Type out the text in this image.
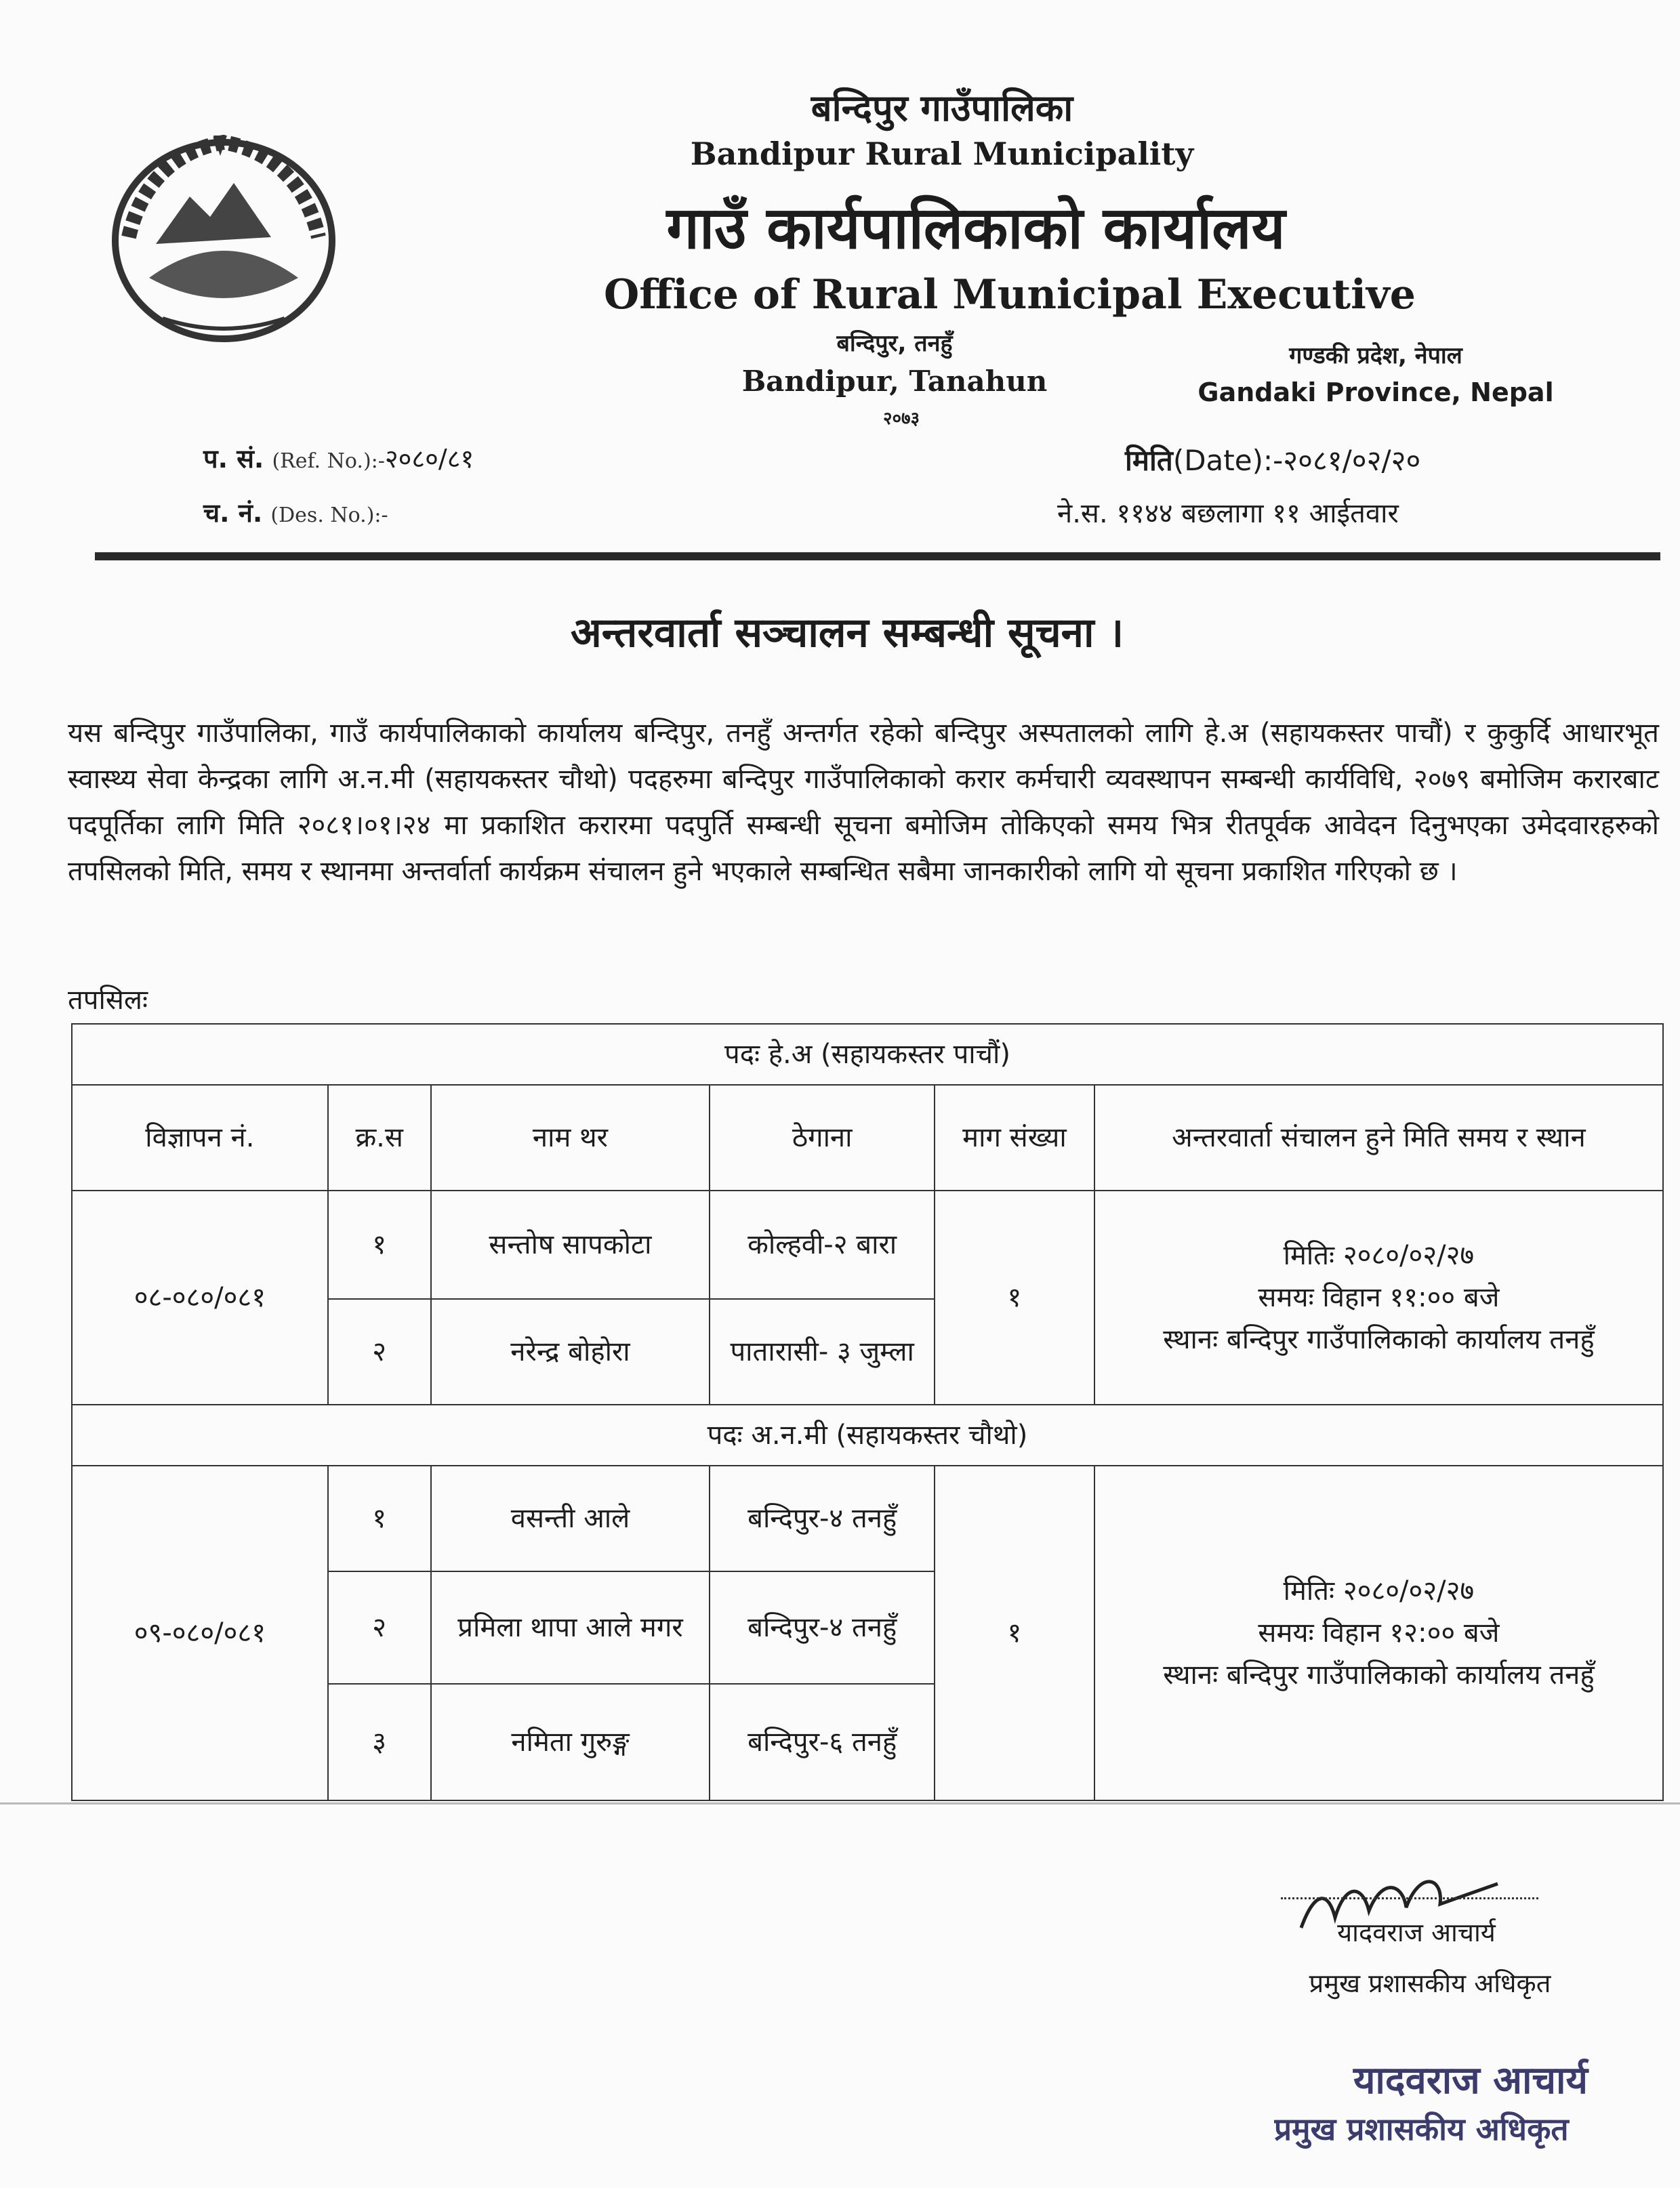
बन्दिपुर गाउँपालिका
Bandipur Rural Municipality
गाउँ कार्यपालिकाको कार्यालय
Office of Rural Municipal Executive
बन्दिपुर, तनहुँ
Bandipur, Tanahun
२०७३
गण्डकी प्रदेश, नेपाल
Gandaki Province, Nepal
प. सं. (Ref. No.):-२०८०/८१
च. नं. (Des. No.):-
मिति(Date):-२०८१/०२/२०
ने.स. ११४४ बछलागा ११ आईतवार
अन्तरवार्ता सञ्चालन सम्बन्धी सूचना ।
यस बन्दिपुर गाउँपालिका, गाउँ कार्यपालिकाको कार्यालय बन्दिपुर, तनहुँ अन्तर्गत रहेको बन्दिपुर अस्पतालको लागि हे.अ (सहायकस्तर पाचौं) र कुकुर्दि आधारभूत स्वास्थ्य सेवा केन्द्रका लागि अ.न.मी (सहायकस्तर चौथो) पदहरुमा बन्दिपुर गाउँपालिकाको करार कर्मचारी व्यवस्थापन सम्बन्धी कार्यविधि, २०७९ बमोजिम करारबाट पदपूर्तिका लागि मिति २०८१।०१।२४ मा प्रकाशित करारमा पदपुर्ति सम्बन्धी सूचना बमोजिम तोकिएको समय भित्र रीतपूर्वक आवेदन दिनुभएका उमेदवारहरुको तपसिलको मिति, समय र स्थानमा अन्तर्वार्ता कार्यक्रम संचालन हुने भएकाले सम्बन्धित सबैमा जानकारीको लागि यो सूचना प्रकाशित गरिएको छ ।
तपसिलः
पदः हे.अ (सहायकस्तर पाचौं)					
विज्ञापन नं.	क्र.स	नाम थर	ठेगाना	माग संख्या	अन्तरवार्ता संचालन हुने मिति समय र स्थान
०८-०८०/०८१	१	सन्तोष सापकोटा	कोल्हवी-२ बारा	१	मितिः २०८०/०२/२७
समयः विहान ११:०० बजे
स्थानः बन्दिपुर गाउँपालिकाको कार्यालय तनहुँ

	२	नरेन्द्र बोहोरा	पातारासी- ३ जुम्ला		
पदः अ.न.मी (सहायकस्तर चौथो)					
०९-०८०/०८१	१	वसन्ती आले	बन्दिपुर-४ तनहुँ	१	मितिः २०८०/०२/२७
समयः विहान १२:०० बजे
स्थानः बन्दिपुर गाउँपालिकाको कार्यालय तनहुँ

	२	प्रमिला थापा आले मगर	बन्दिपुर-४ तनहुँ		
	३	नमिता गुरुङ्ग	बन्दिपुर-६ तनहुँ		
यादवराज आचार्य
प्रमुख प्रशासकीय अधिकृत
यादवराज आचार्य
प्रमुख प्रशासकीय अधिकृत
